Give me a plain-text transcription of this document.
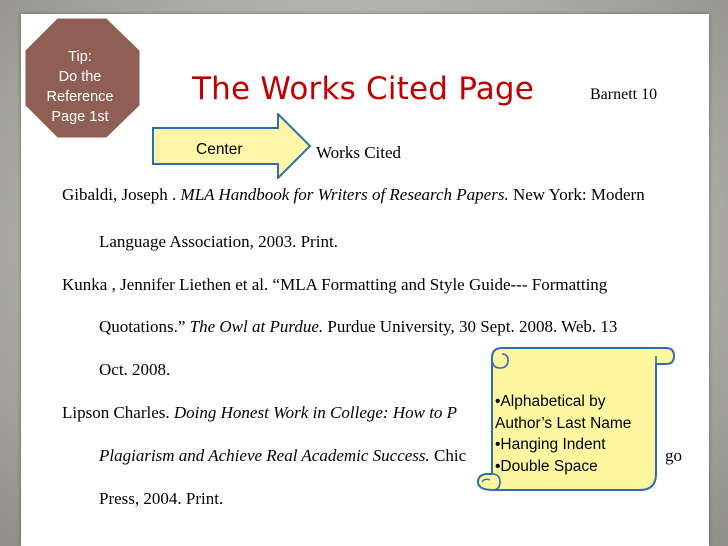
Tip:
Do the
Reference
Page 1st
The Works Cited Page	Barnett 10
Center	Works Cited
Gibaldi, Joseph . MLA Handbook for Writers of Research Papers. New York: Modern
Language Association, 2003. Print.
Kunka , Jennifer Liethen et al. “MLA Formatting and Style Guide--- Formatting
Quotations.” The Owl at Purdue. Purdue University, 30 Sept. 2008. Web. 13
Oct. 2008.
Lipson Charles. Doing Honest Work in College: How to P
Plagiarism and Achieve Real Academic Success. Chic
Press, 2004. Print.
go
•Alphabetical by
Author’s Last Name
•Hanging Indent
•Double Space
